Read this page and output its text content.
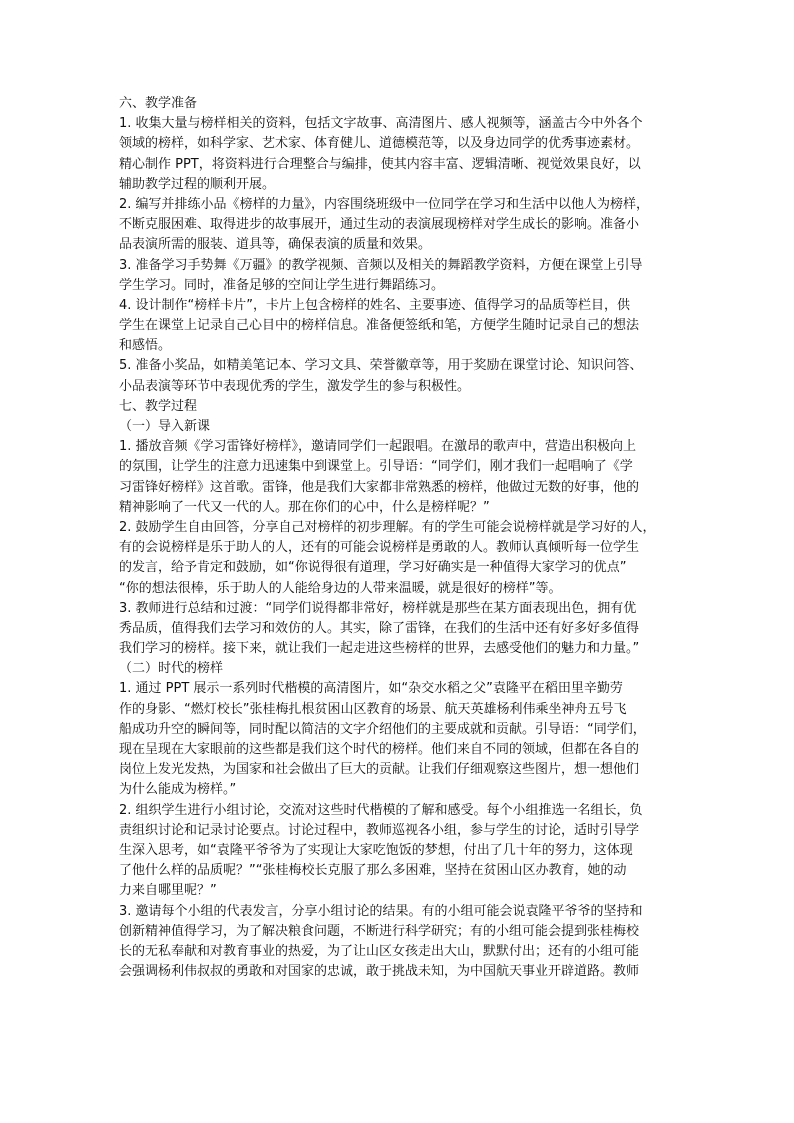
六、教学准备
1. 收集大量与榜样相关的资料，包括文字故事、高清图片、感人视频等，涵盖古今中外各个
领域的榜样，如科学家、艺术家、体育健儿、道德模范等，以及身边同学的优秀事迹素材。
精心制作 PPT，将资料进行合理整合与编排，使其内容丰富、逻辑清晰、视觉效果良好，以
辅助教学过程的顺利开展。
2. 编写并排练小品《榜样的力量》，内容围绕班级中一位同学在学习和生活中以他人为榜样，
不断克服困难、取得进步的故事展开，通过生动的表演展现榜样对学生成长的影响。准备小
品表演所需的服装、道具等，确保表演的质量和效果。
3. 准备学习手势舞《万疆》的教学视频、音频以及相关的舞蹈教学资料，方便在课堂上引导
学生学习。同时，准备足够的空间让学生进行舞蹈练习。
4. 设计制作“榜样卡片”，卡片上包含榜样的姓名、主要事迹、值得学习的品质等栏目，供
学生在课堂上记录自己心目中的榜样信息。准备便签纸和笔，方便学生随时记录自己的想法
和感悟。
5. 准备小奖品，如精美笔记本、学习文具、荣誉徽章等，用于奖励在课堂讨论、知识问答、
小品表演等环节中表现优秀的学生，激发学生的参与积极性。
七、教学过程
（一）导入新课
1. 播放音频《学习雷锋好榜样》，邀请同学们一起跟唱。在激昂的歌声中，营造出积极向上
的氛围，让学生的注意力迅速集中到课堂上。引导语：“同学们，刚才我们一起唱响了《学
习雷锋好榜样》这首歌。雷锋，他是我们大家都非常熟悉的榜样，他做过无数的好事，他的
精神影响了一代又一代的人。那在你们的心中，什么是榜样呢？”
2. 鼓励学生自由回答，分享自己对榜样的初步理解。有的学生可能会说榜样就是学习好的人，
有的会说榜样是乐于助人的人，还有的可能会说榜样是勇敢的人。教师认真倾听每一位学生
的发言，给予肯定和鼓励，如“你说得很有道理，学习好确实是一种值得大家学习的优点”
“你的想法很棒，乐于助人的人能给身边的人带来温暖，就是很好的榜样”等。
3. 教师进行总结和过渡：“同学们说得都非常好，榜样就是那些在某方面表现出色，拥有优
秀品质，值得我们去学习和效仿的人。其实，除了雷锋，在我们的生活中还有好多好多值得
我们学习的榜样。接下来，就让我们一起走进这些榜样的世界，去感受他们的魅力和力量。”
（二）时代的榜样
1. 通过 PPT 展示一系列时代楷模的高清图片，如“杂交水稻之父”袁隆平在稻田里辛勤劳
作的身影、“燃灯校长”张桂梅扎根贫困山区教育的场景、航天英雄杨利伟乘坐神舟五号飞
船成功升空的瞬间等，同时配以简洁的文字介绍他们的主要成就和贡献。引导语：“同学们，
现在呈现在大家眼前的这些都是我们这个时代的榜样。他们来自不同的领域，但都在各自的
岗位上发光发热，为国家和社会做出了巨大的贡献。让我们仔细观察这些图片，想一想他们
为什么能成为榜样。”
2. 组织学生进行小组讨论，交流对这些时代楷模的了解和感受。每个小组推选一名组长，负
责组织讨论和记录讨论要点。讨论过程中，教师巡视各小组，参与学生的讨论，适时引导学
生深入思考，如“袁隆平爷爷为了实现让大家吃饱饭的梦想，付出了几十年的努力，这体现
了他什么样的品质呢？”“张桂梅校长克服了那么多困难，坚持在贫困山区办教育，她的动
力来自哪里呢？”
3. 邀请每个小组的代表发言，分享小组讨论的结果。有的小组可能会说袁隆平爷爷的坚持和
创新精神值得学习，为了解决粮食问题，不断进行科学研究；有的小组可能会提到张桂梅校
长的无私奉献和对教育事业的热爱，为了让山区女孩走出大山，默默付出；还有的小组可能
会强调杨利伟叔叔的勇敢和对国家的忠诚，敢于挑战未知，为中国航天事业开辟道路。教师
